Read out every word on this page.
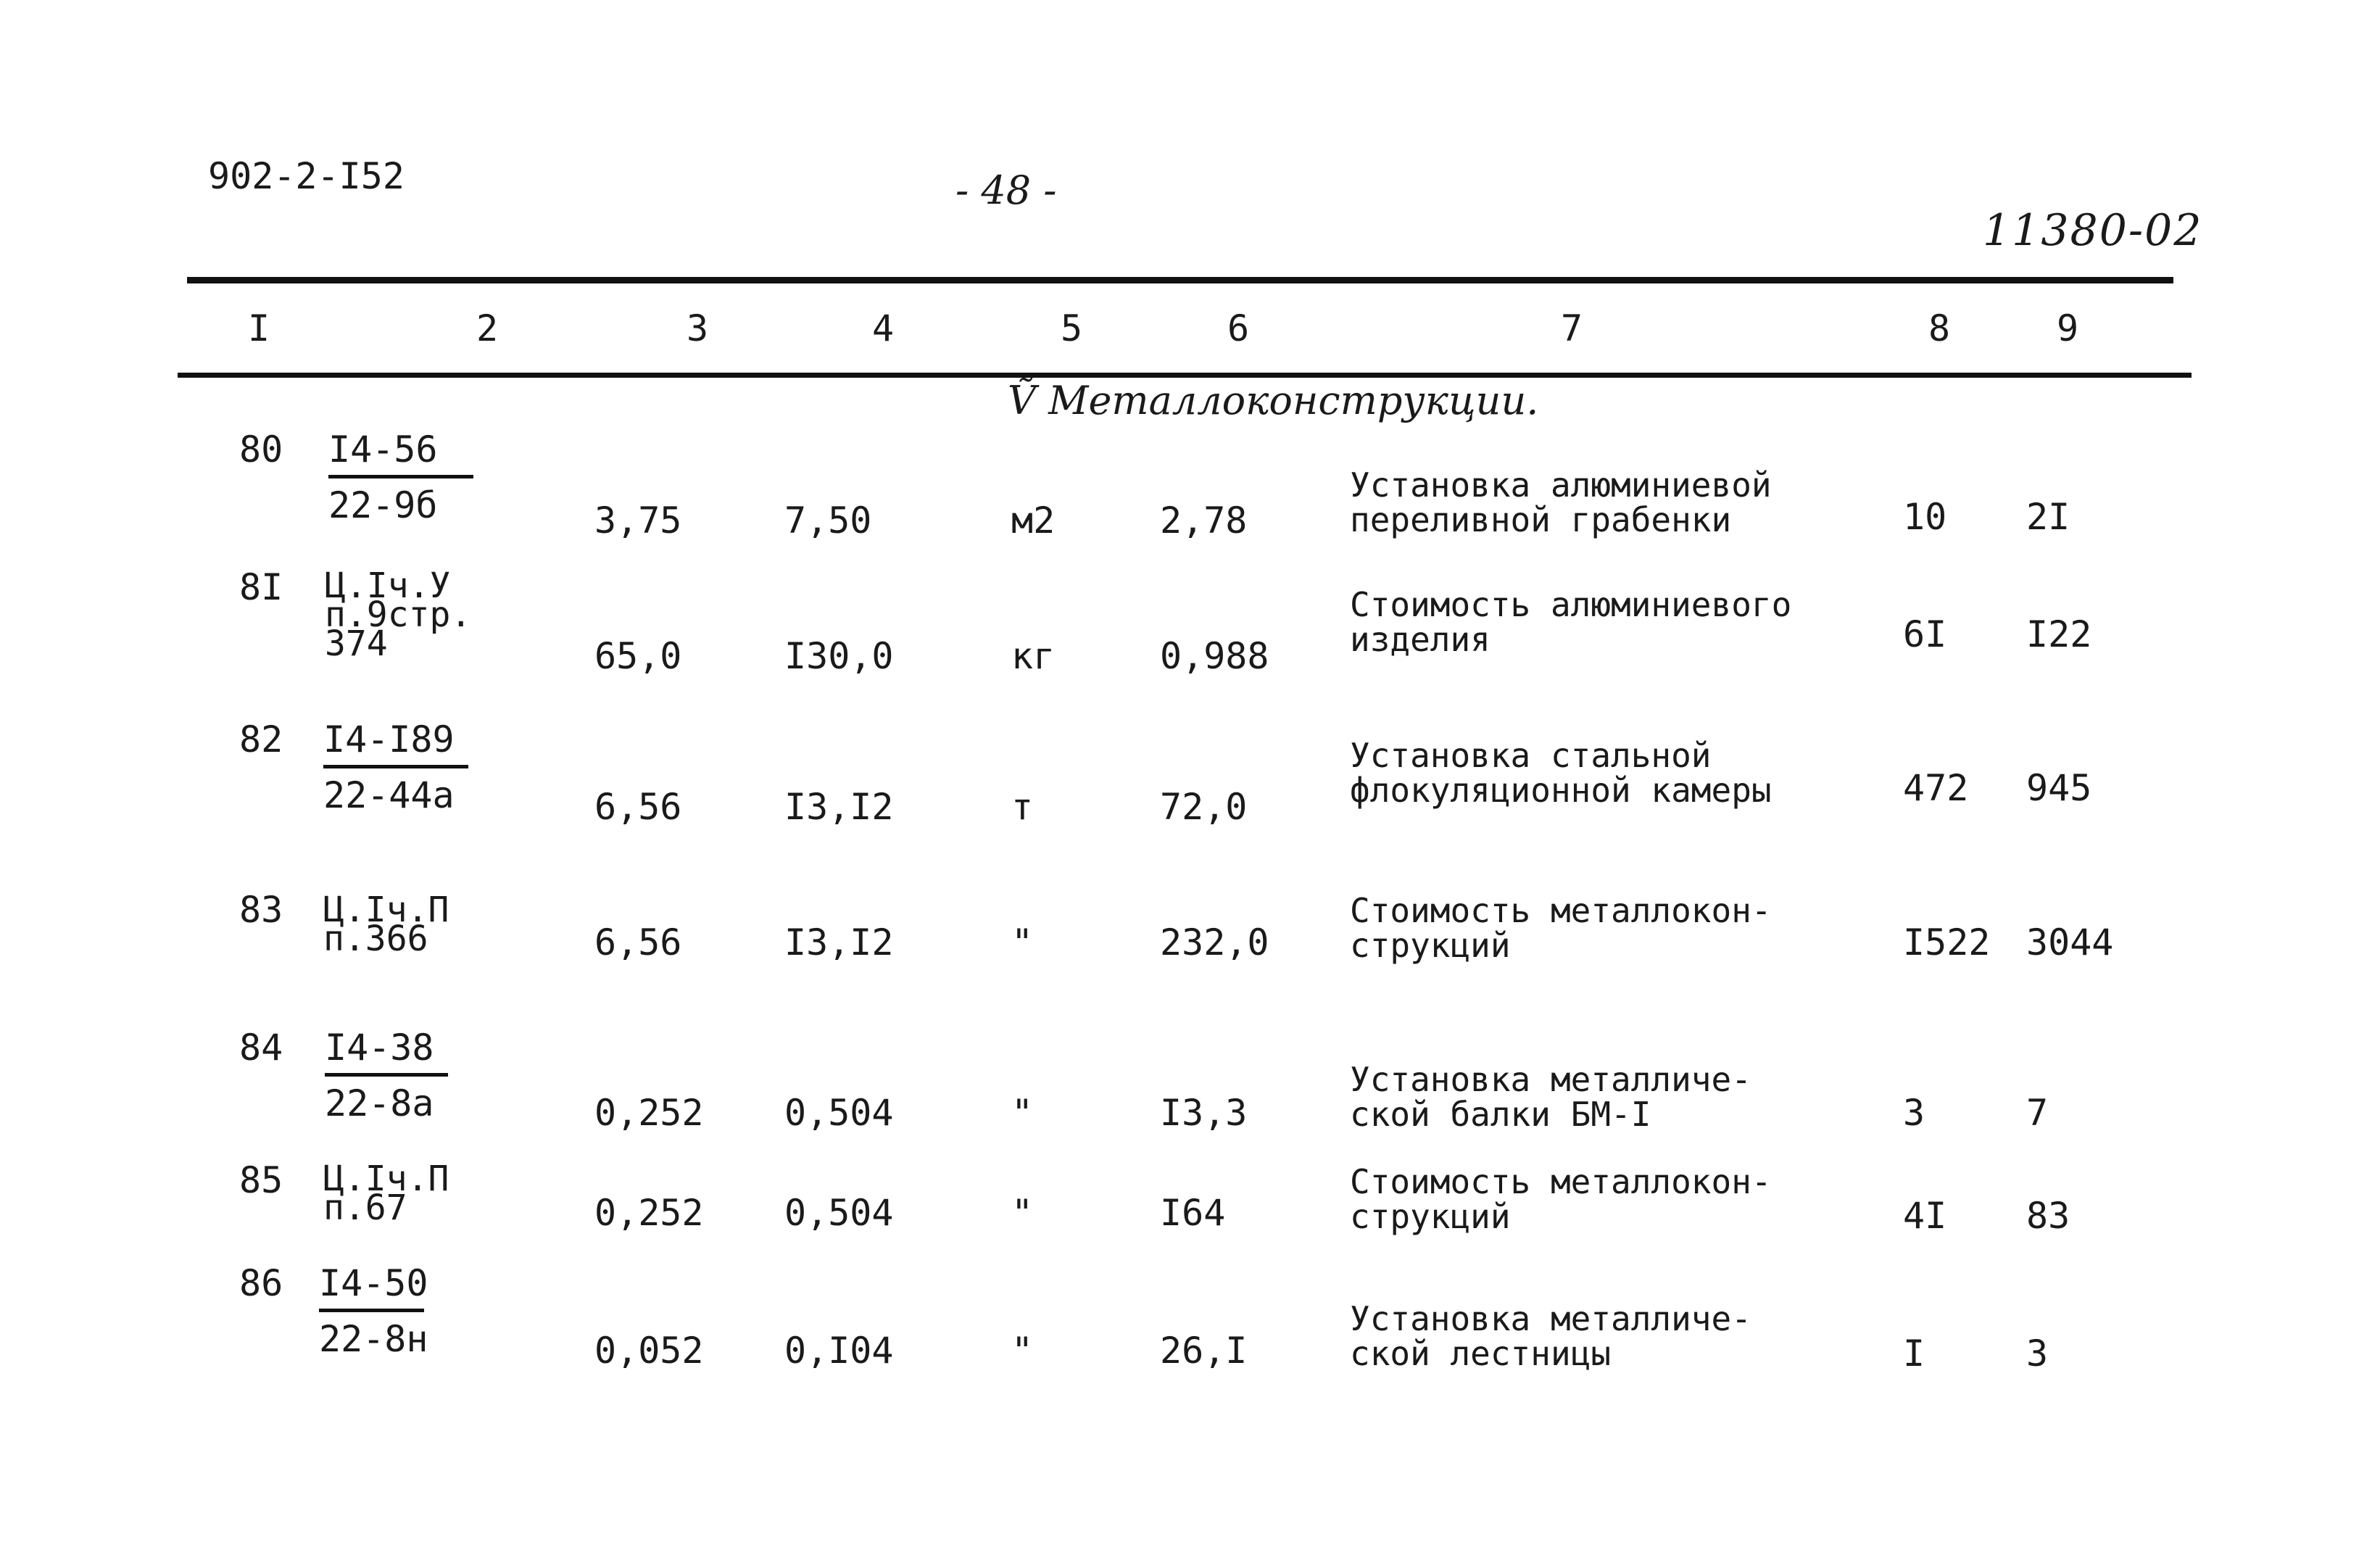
902-2-I52	- 48 -
11380-02
I	2	3	4	5	6	7	8	9
Ṽ Металлоконструкции.
80 I4-56
22-9б	3,75	7,50	м2	2,78
Установка алюминиевой
переливной грабенки	10 2I
8I Ц.Iч.У
п.9стр.
374	65,0	I30,0	кг	0,988
Стоимость алюминиевого
изделия	6I I22
82 I4-I89
22-44а	6,56	I3,I2	т	72,0
Установка стальной
флокуляционной камеры	472 945
83 Ц.Iч.П
п.366	6,56	I3,I2	"	232,0
Стоимость металлокон-
струкций	I522 3044
84 I4-38
22-8а	0,252 0,504	"	I3,3
Установка металличе-
ской балки БМ-I	3	7
85 Ц.Iч.П
п.67	0,252 0,504	"	I64
Стоимость металлокон-
струкций	4I 83
86 I4-50
22-8н	0,052 0,I04	"	26,I
Установка металличе-
ской лестницы	I	3
